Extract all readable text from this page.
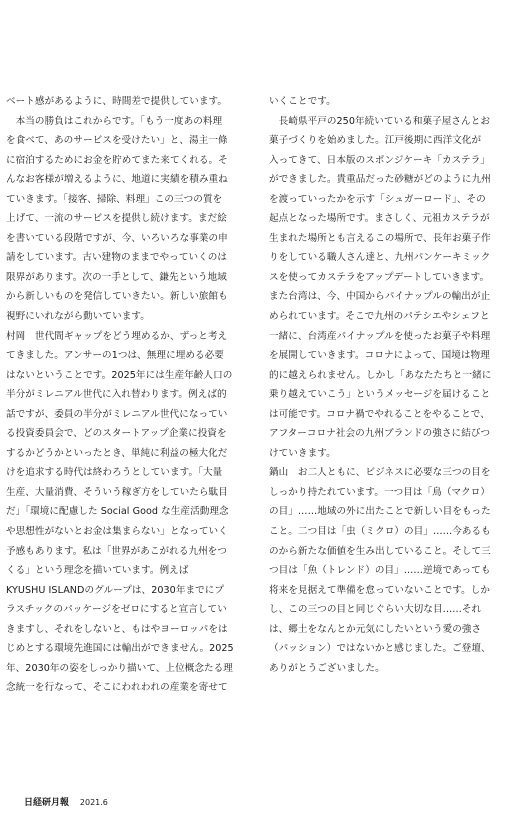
ベート感があるように、時間差で提供しています。
　本当の勝負はこれからです。「もう一度あの料理
を食べて、あのサービスを受けたい」と、湯主一條
に宿泊するためにお金を貯めてまた来てくれる。そ
んなお客様が増えるように、地道に実績を積み重ね
ていきます。「接客、掃除、料理」この三つの質を
上げて、一流のサービスを提供し続けます。まだ絵
を書いている段階ですが、今、いろいろな事業の申
請をしています。古い建物のままでやっていくのは
限界があります。次の一手として、鎌先という地域
から新しいものを発信していきたい。新しい旅館も
視野にいれながら動いています。
村岡　世代間ギャップをどう埋めるか、ずっと考え
てきました。アンサーの1つは、無理に埋める必要
はないということです。2025年には生産年齢人口の
半分がミレニアル世代に入れ替わります。例えば的
話ですが、委員の半分がミレニアル世代になってい
る投資委員会で、どのスタートアップ企業に投資を
するかどうかといったとき、単純に利益の極大化だ
けを追求する時代は終わろうとしています。「大量
生産、大量消費、そういう稼ぎ方をしていたら駄目
だ」「環境に配慮した Social Good な生産活動理念
や思想性がないとお金は集まらない」となっていく
予感もあります。私は「世界があこがれる九州をつ
くる」という理念を描いています。例えば
KYUSHU ISLANDのグループは、2030年までにプ
ラスチックのパッケージをゼロにすると宣言してい
きますし、それをしないと、もはやヨーロッパをは
じめとする環境先進国には輸出ができません。2025
年、2030年の姿をしっかり描いて、上位概念たる理
念統一を行なって、そこにわれわれの産業を寄せて
いくことです。
　長崎県平戸の250年続いている和菓子屋さんとお
菓子づくりを始めました。江戸後期に西洋文化が
入ってきて、日本版のスポンジケーキ「カステラ」
ができました。貴重品だった砂糖がどのように九州
を渡っていったかを示す「シュガーロード」、その
起点となった場所です。まさしく、元祖カステラが
生まれた場所とも言えるこの場所で、長年お菓子作
りをしている職人さん達と、九州パンケーキミック
スを使ってカステラをアップデートしていきます。
また台湾は、今、中国からパイナップルの輸出が止
められています。そこで九州のパテシエやシェフと
一緒に、台湾産パイナップルを使ったお菓子や料理
を展開していきます。コロナによって、国境は物理
的に越えられません。しかし「あなたたちと一緒に
乗り越えていこう」というメッセージを届けること
は可能です。コロナ禍でやれることをやることで、
アフターコロナ社会の九州ブランドの強さに結びつ
けていきます。
鍋山　お二人ともに、ビジネスに必要な三つの目を
しっかり持たれています。一つ目は「鳥（マクロ）
の目」……地域の外に出たことで新しい目をもった
こと。二つ目は「虫（ミクロ）の目」……今あるも
のから新たな価値を生み出していること。そして三
つ目は「魚（トレンド）の目」……逆境であっても
将来を見据えて準備を怠っていないことです。しか
し、この三つの目と同じぐらい大切な目……それ
は、郷土をなんとか元気にしたいという愛の強さ
（パッション）ではないかと感じました。ご登壇、
ありがとうございました。
日経研月報 2021.6
